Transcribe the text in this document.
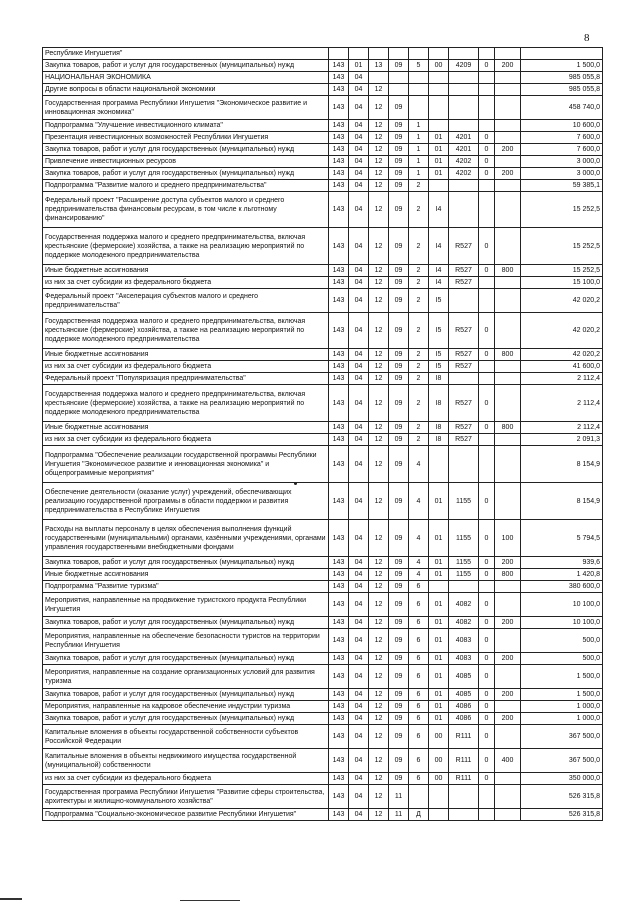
8
Республике Ингушетия"										
Закупка товаров, работ и услуг для государственных (муниципальных) нужд	143	01	13	09	5	00	4209	0	200	1 500,0
НАЦИОНАЛЬНАЯ ЭКОНОМИКА	143	04								985 055,8
Другие вопросы в области национальной экономики	143	04	12							985 055,8
Государственная программа Республики Ингушетия "Экономическое развитие и инновационная экономика"	143	04	12	09						458 740,0
Подпрограмма "Улучшение инвестиционного климата"	143	04	12	09	1					10 600,0
Презентация инвестиционных возможностей Республики Ингушетия	143	04	12	09	1	01	4201	0		7 600,0
Закупка товаров, работ и услуг для государственных (муниципальных) нужд	143	04	12	09	1	01	4201	0	200	7 600,0
Привлечение инвестиционных ресурсов	143	04	12	09	1	01	4202	0		3 000,0
Закупка товаров, работ и услуг для государственных (муниципальных) нужд	143	04	12	09	1	01	4202	0	200	3 000,0
Подпрограмма "Развитие малого и среднего предпринимательства"	143	04	12	09	2					59 385,1
Федеральный проект "Расширение доступа субъектов малого и среднего предпринимательства финансовым ресурсам, в том числе к льготному финансированию"	143	04	12	09	2	I4				15 252,5
Государственная поддержка малого и среднего предпринимательства, включая крестьянские (фермерские) хозяйства, а также на реализацию мероприятий по поддержке молодежного предпринимательства	143	04	12	09	2	I4	R527	0		15 252,5
Иные бюджетные ассигнования	143	04	12	09	2	I4	R527	0	800	15 252,5
из них за счет субсидии из федерального бюджета	143	04	12	09	2	I4	R527			15 100,0
Федеральный проект "Акселерация субъектов малого и среднего предпринимательства"	143	04	12	09	2	I5				42 020,2
Государственная поддержка малого и среднего предпринимательства, включая крестьянские (фермерские) хозяйства, а также на реализацию мероприятий по поддержке молодежного предпринимательства	143	04	12	09	2	I5	R527	0		42 020,2
Иные бюджетные ассигнования	143	04	12	09	2	I5	R527	0	800	42 020,2
из них за счет субсидии из федерального бюджета	143	04	12	09	2	I5	R527			41 600,0
Федеральный проект "Популяризация предпринимательства"	143	04	12	09	2	I8				2 112,4
Государственная поддержка малого и среднего предпринимательства, включая крестьянские (фермерские) хозяйства, а также на реализацию мероприятий по поддержке молодежного предпринимательства	143	04	12	09	2	I8	R527	0		2 112,4
Иные бюджетные ассигнования	143	04	12	09	2	I8	R527	0	800	2 112,4
из них за счет субсидии из федерального бюджета	143	04	12	09	2	I8	R527			2 091,3
Подпрограмма "Обеспечение реализации государственной программы Республики Ингушетия "Экономическое развитие и инновационная экономика" и общепрограммные мероприятия"	143	04	12	09	4					8 154,9
Обеспечение деятельности (оказание услуг) учреждений, обеспечивающих реализацию государственной программы в области поддержки и развития предпринимательства в Республике Ингушетия	143	04	12	09	4	01	1155	0		8 154,9
Расходы на выплаты персоналу в целях обеспечения выполнения функций государственными (муниципальными) органами, казёнными учреждениями, органами управления государственными внебюджетными фондами	143	04	12	09	4	01	1155	0	100	5 794,5
Закупка товаров, работ и услуг для государственных (муниципальных) нужд	143	04	12	09	4	01	1155	0	200	939,6
Иные бюджетные ассигнования	143	04	12	09	4	01	1155	0	800	1 420,8
Подпрограмма "Развитие туризма"	143	04	12	09	6					380 600,0
Мероприятия, направленные на продвижение туристского продукта Республики Ингушетия	143	04	12	09	6	01	4082	0		10 100,0
Закупка товаров, работ и услуг для государственных (муниципальных) нужд	143	04	12	09	6	01	4082	0	200	10 100,0
Мероприятия, направленные на обеспечение безопасности туристов на территории Республики Ингушетия	143	04	12	09	6	01	4083	0		500,0
Закупка товаров, работ и услуг для государственных (муниципальных) нужд	143	04	12	09	6	01	4083	0	200	500,0
Мероприятия, направленные на создание организационных условий для развития туризма	143	04	12	09	6	01	4085	0		1 500,0
Закупка товаров, работ и услуг для государственных (муниципальных) нужд	143	04	12	09	6	01	4085	0	200	1 500,0
Мероприятия, направленные на кадровое обеспечение индустрии туризма	143	04	12	09	6	01	4086	0		1 000,0
Закупка товаров, работ и услуг для государственных (муниципальных) нужд	143	04	12	09	6	01	4086	0	200	1 000,0
Капитальные вложения в объекты государственной собственности субъектов Российской Федерации	143	04	12	09	6	00	R111	0		367 500,0
Капитальные вложения в объекты недвижимого имущества государственной (муниципальной) собственности	143	04	12	09	6	00	R111	0	400	367 500,0
из них за счет субсидии из федерального бюджета	143	04	12	09	6	00	R111	0		350 000,0
Государственная программа Республики Ингушетия "Развитие сферы строительства, архитектуры и жилищно-коммунального хозяйства"	143	04	12	11						526 315,8
Подпрограмма "Социально-экономическое развитие Республики Ингушетия"	143	04	12	11	Д					526 315,8
